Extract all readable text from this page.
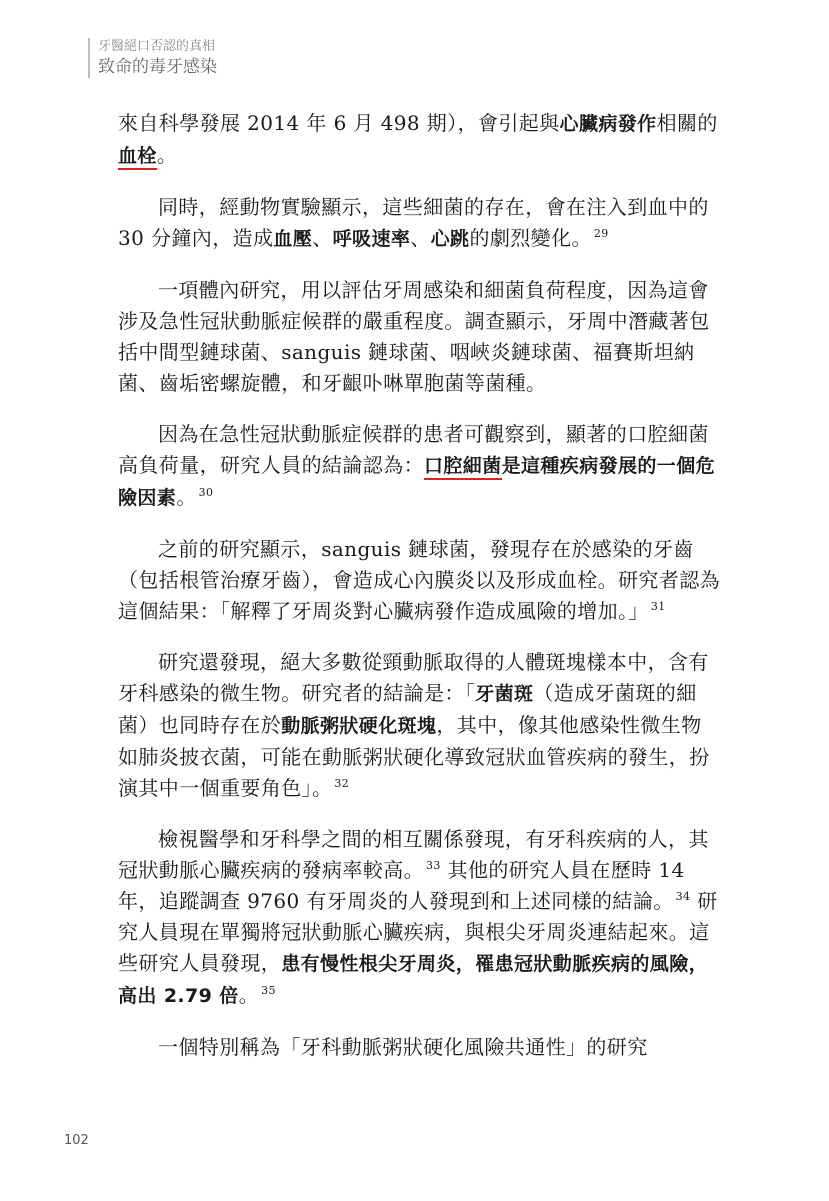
牙醫絕口否認的真相
致命的毒牙感染

來自科學發展 2014 年 6 月 498 期），會引起與心臟病發作相關的血栓。

同時，經動物實驗顯示，這些細菌的存在，會在注入到血中的 30 分鐘內，造成血壓、呼吸速率、心跳的劇烈變化。 $^{29}$

一項體內研究，用以評估牙周感染和細菌負荷程度，因為這會涉及急性冠狀動脈症候群的嚴重程度。調查顯示，牙周中潛藏著包括中間型鏈球菌、sanguis 鏈球菌、咽峽炎鏈球菌、福賽斯坦納菌、齒垢密螺旋體，和牙齦卟啉單胞菌等菌種。

因為在急性冠狀動脈症候群的患者可觀察到，顯著的口腔細菌高負荷量，研究人員的結論認為：口腔細菌是這種疾病發展的一個危險因素。 $^{30}$

之前的研究顯示，sanguis 鏈球菌，發現存在於感染的牙齒（包括根管治療牙齒），會造成心內膜炎以及形成血栓。研究者認為這個結果：「解釋了牙周炎對心臟病發作造成風險的增加。」 $^{31}$

研究還發現，絕大多數從頸動脈取得的人體斑塊樣本中，含有牙科感染的微生物。研究者的結論是：「牙菌斑（造成牙菌斑的細菌）也同時存在於動脈粥狀硬化斑塊，其中，像其他感染性微生物如肺炎披衣菌，可能在動脈粥狀硬化導致冠狀血管疾病的發生，扮演其中一個重要角色」。 $^{32}$

檢視醫學和牙科學之間的相互關係發現，有牙科疾病的人，其冠狀動脈心臟疾病的發病率較高。 $^{33}$ 其他的研究人員在歷時 14 年，追蹤調查 9760 有牙周炎的人發現到和上述同樣的結論。 $^{34}$ 研究人員現在單獨將冠狀動脈心臟疾病，與根尖牙周炎連結起來。這些研究人員發現，患有慢性根尖牙周炎，罹患冠狀動脈疾病的風險，高出 2.79 倍。 $^{35}$

一個特別稱為「牙科動脈粥狀硬化風險共通性」的研究

102
